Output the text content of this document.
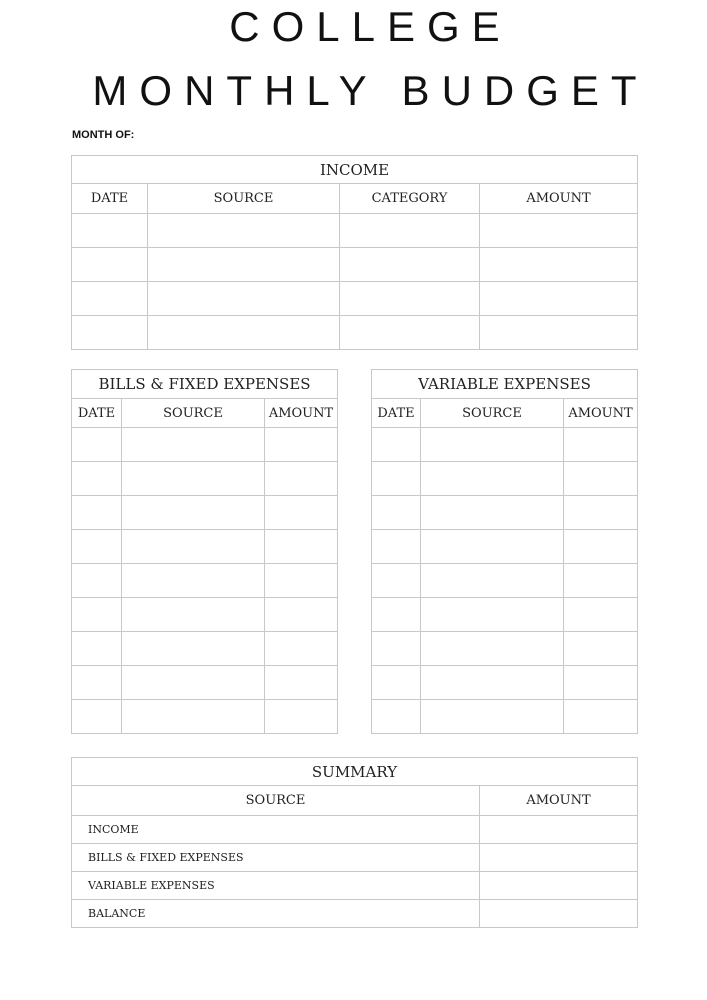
COLLEGE
MONTHLY BUDGET
MONTH OF:
INCOME			
DATE	SOURCE	CATEGORY	AMOUNT

BILLS & FIXED EXPENSES		
DATE	SOURCE	AMOUNT

VARIABLE EXPENSES		
DATE	SOURCE	AMOUNT

SUMMARY	
SOURCE	AMOUNT
INCOME	
BILLS & FIXED EXPENSES	
VARIABLE EXPENSES	
BALANCE	
